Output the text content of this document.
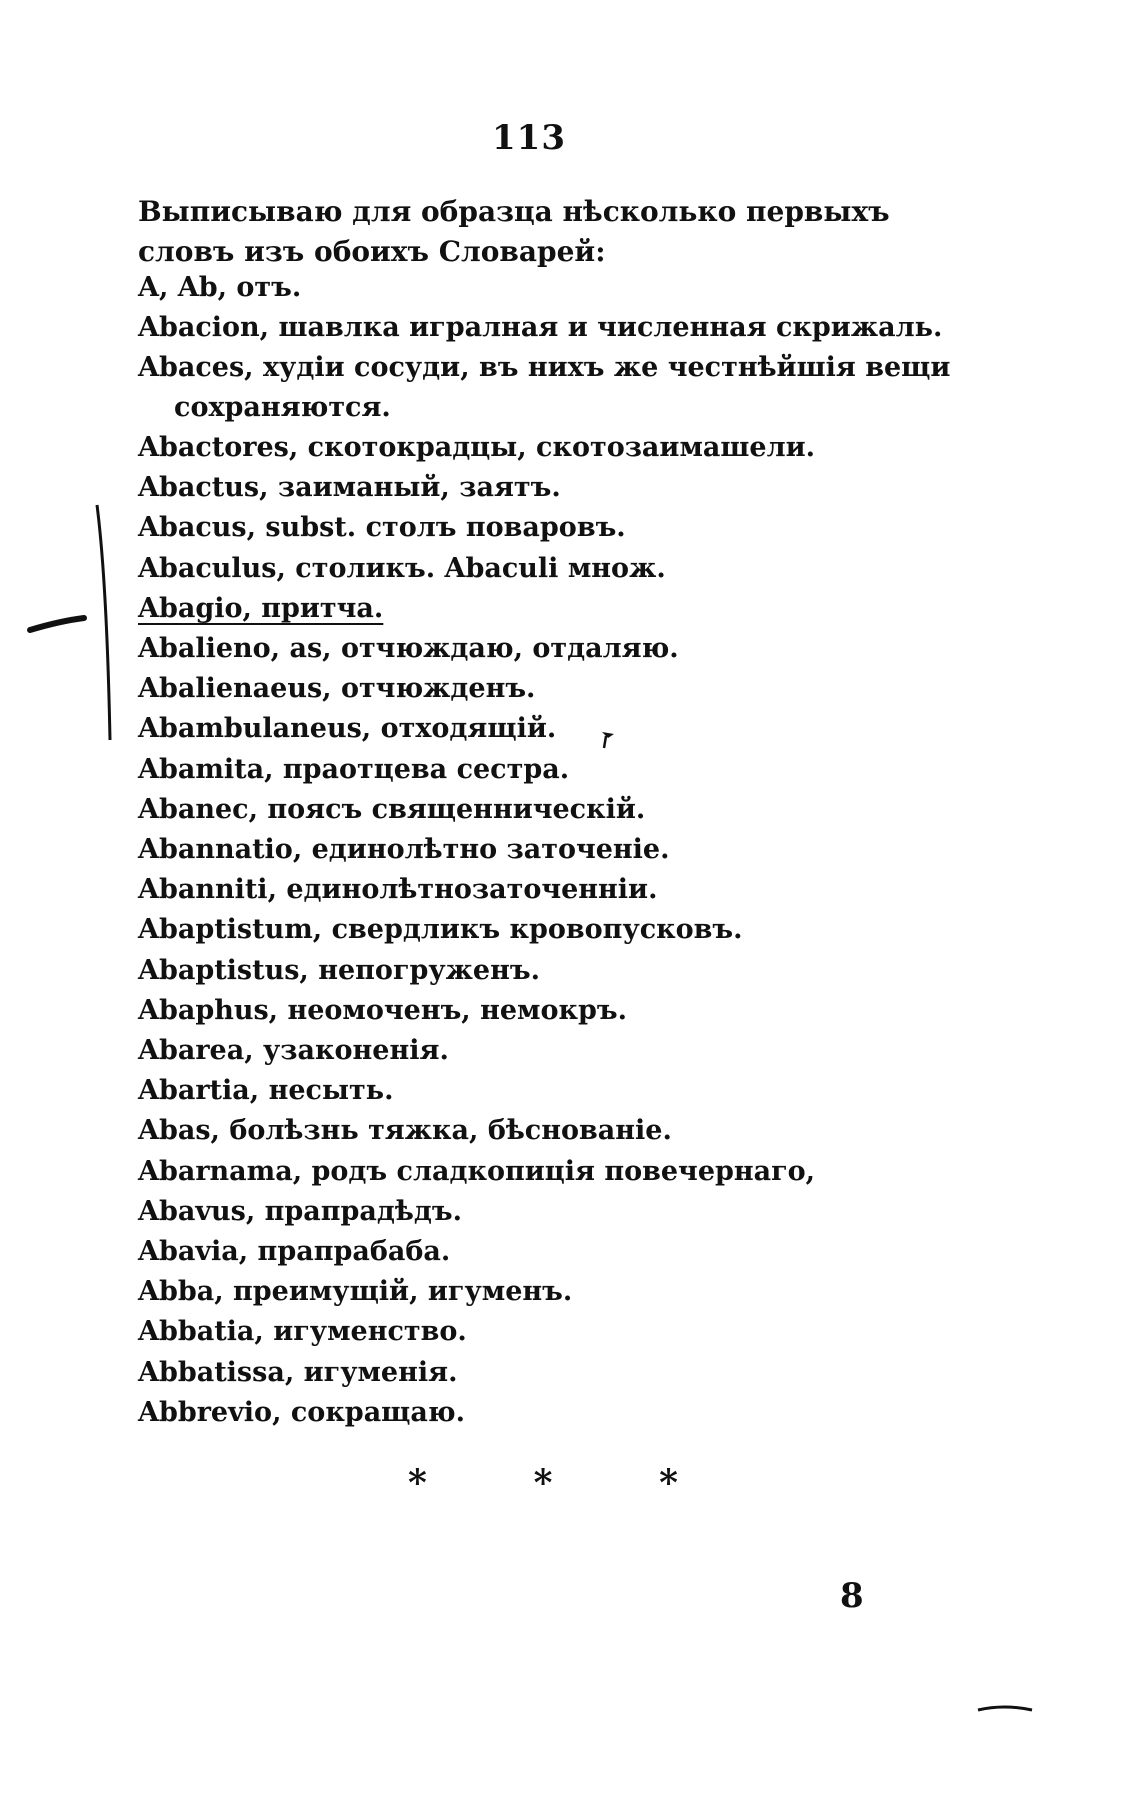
113
Выписываю для образца нѣсколько первыхъ словъ изъ обоихъ Словарей:
A, Ab, отъ.
Abacion, шавлка игралная и численная скрижаль.
Abaces, худіи сосуди, въ нихъ же честнѣйшія вещи
сохраняютcя.
Abactores, скотокрадцы, скотозаимашели.
Abactus, заиманый, заятъ.
Abacus, subst. столъ поваровъ.
Abaculus, столикъ. Abaculi множ.
Abagio, притча.
Abalieno, as, отчюждаю, отдаляю.
Abalienaeus, отчюжденъ.
Abambulaneus, отходящій.
Abamita, праотцева сестра.
Abanec, поясъ священническій.
Abannatio, единолѣтно заточеніе.
Abanniti, единолѣтнозаточенніи.
Abaptistum, свердликъ кровопусковъ.
Abaptistus, непогруженъ.
Abaphus, неомоченъ, немокръ.
Abarea, узаконенія.
Abartia, несыть.
Abas, болѣзнь тяжка, бѣснованіе.
Abarnama, родъ сладкопиція повечернаго,
Abavus, прапрадѣдъ.
Abavia, прапрабаба.
Abba, преимущій, игуменъ.
Abbatia, игуменство.
Abbatissa, игуменія.
Abbrevio, сокращаю.
*	*	*
8
